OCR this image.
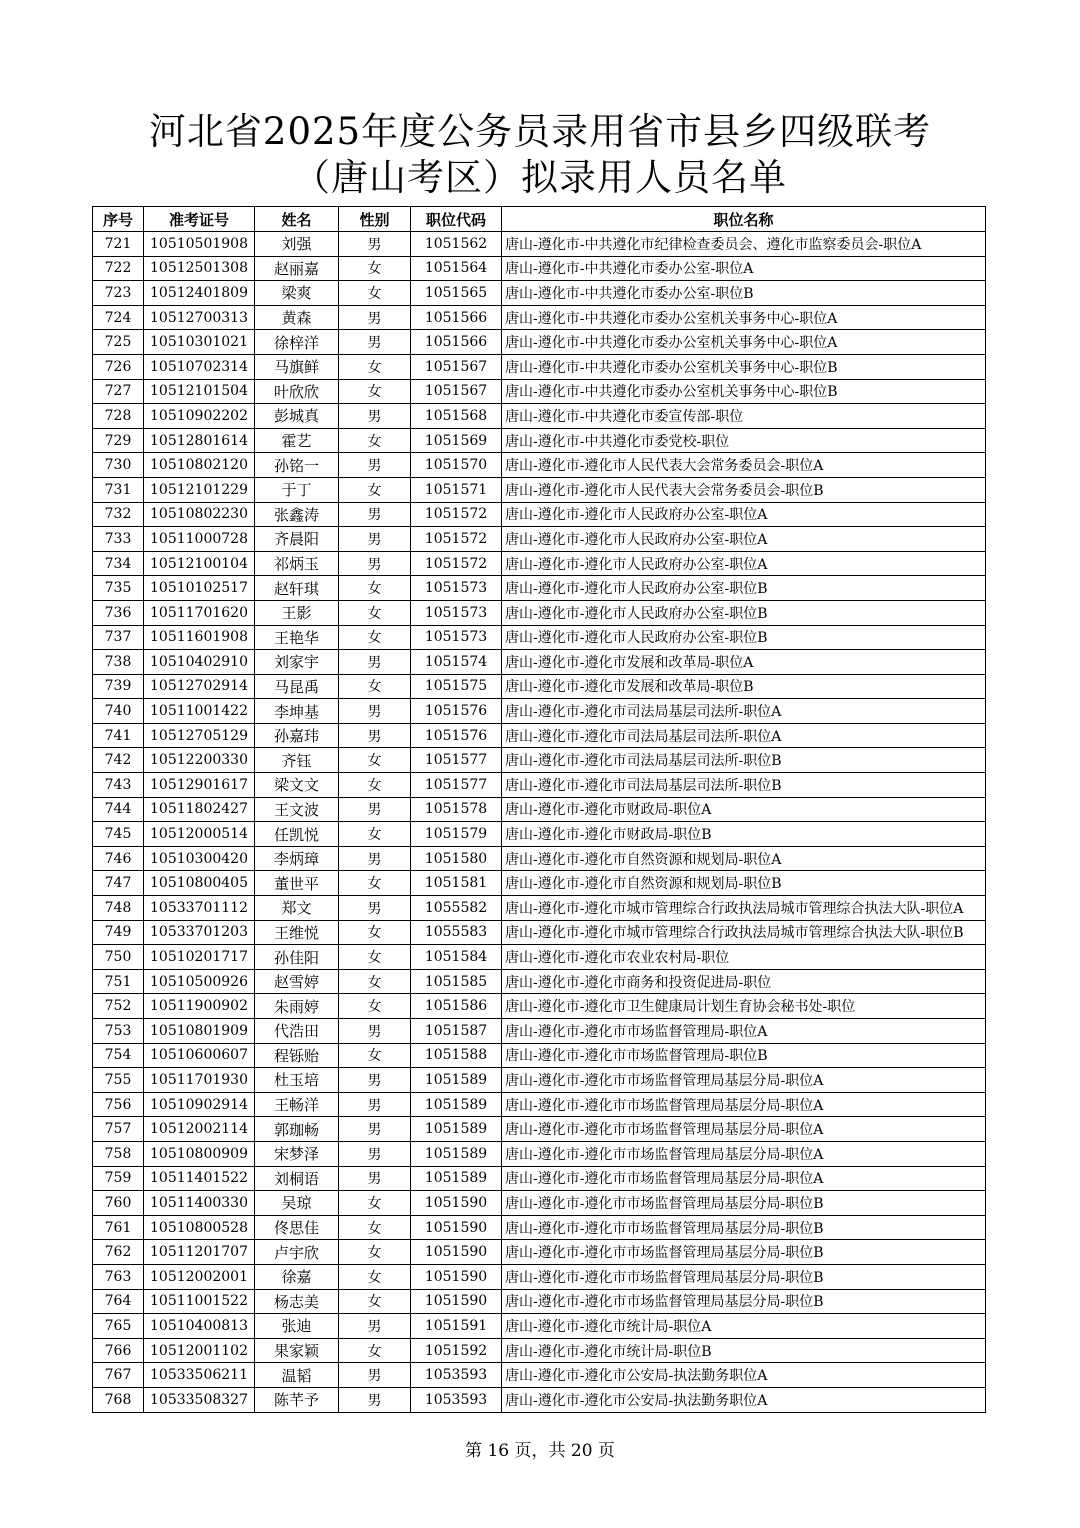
河北省2025年度公务员录用省市县乡四级联考
（唐山考区）拟录用人员名单
序号	准考证号	姓名	性别	职位代码	职位名称
721	10510501908	刘强	男	1051562	唐山-遵化市-中共遵化市纪律检查委员会、遵化市监察委员会-职位A
722	10512501308	赵丽嘉	女	1051564	唐山-遵化市-中共遵化市委办公室-职位A
723	10512401809	梁爽	女	1051565	唐山-遵化市-中共遵化市委办公室-职位B
724	10512700313	黄森	男	1051566	唐山-遵化市-中共遵化市委办公室机关事务中心-职位A
725	10510301021	徐梓洋	男	1051566	唐山-遵化市-中共遵化市委办公室机关事务中心-职位A
726	10510702314	马旗鲜	女	1051567	唐山-遵化市-中共遵化市委办公室机关事务中心-职位B
727	10512101504	叶欣欣	女	1051567	唐山-遵化市-中共遵化市委办公室机关事务中心-职位B
728	10510902202	彭城真	男	1051568	唐山-遵化市-中共遵化市委宣传部-职位
729	10512801614	霍艺	女	1051569	唐山-遵化市-中共遵化市委党校-职位
730	10510802120	孙铭一	男	1051570	唐山-遵化市-遵化市人民代表大会常务委员会-职位A
731	10512101229	于丁	女	1051571	唐山-遵化市-遵化市人民代表大会常务委员会-职位B
732	10510802230	张鑫涛	男	1051572	唐山-遵化市-遵化市人民政府办公室-职位A
733	10511000728	齐晨阳	男	1051572	唐山-遵化市-遵化市人民政府办公室-职位A
734	10512100104	祁炳玉	男	1051572	唐山-遵化市-遵化市人民政府办公室-职位A
735	10510102517	赵轩琪	女	1051573	唐山-遵化市-遵化市人民政府办公室-职位B
736	10511701620	王影	女	1051573	唐山-遵化市-遵化市人民政府办公室-职位B
737	10511601908	王艳华	女	1051573	唐山-遵化市-遵化市人民政府办公室-职位B
738	10510402910	刘家宇	男	1051574	唐山-遵化市-遵化市发展和改革局-职位A
739	10512702914	马昆禹	女	1051575	唐山-遵化市-遵化市发展和改革局-职位B
740	10511001422	李坤基	男	1051576	唐山-遵化市-遵化市司法局基层司法所-职位A
741	10512705129	孙嘉玮	男	1051576	唐山-遵化市-遵化市司法局基层司法所-职位A
742	10512200330	齐钰	女	1051577	唐山-遵化市-遵化市司法局基层司法所-职位B
743	10512901617	梁文文	女	1051577	唐山-遵化市-遵化市司法局基层司法所-职位B
744	10511802427	王文波	男	1051578	唐山-遵化市-遵化市财政局-职位A
745	10512000514	任凯悦	女	1051579	唐山-遵化市-遵化市财政局-职位B
746	10510300420	李炳璋	男	1051580	唐山-遵化市-遵化市自然资源和规划局-职位A
747	10510800405	董世平	女	1051581	唐山-遵化市-遵化市自然资源和规划局-职位B
748	10533701112	郑文	男	1055582	唐山-遵化市-遵化市城市管理综合行政执法局城市管理综合执法大队-职位A
749	10533701203	王维悦	女	1055583	唐山-遵化市-遵化市城市管理综合行政执法局城市管理综合执法大队-职位B
750	10510201717	孙佳阳	女	1051584	唐山-遵化市-遵化市农业农村局-职位
751	10510500926	赵雪婷	女	1051585	唐山-遵化市-遵化市商务和投资促进局-职位
752	10511900902	朱雨婷	女	1051586	唐山-遵化市-遵化市卫生健康局计划生育协会秘书处-职位
753	10510801909	代浩田	男	1051587	唐山-遵化市-遵化市市场监督管理局-职位A
754	10510600607	程铄贻	女	1051588	唐山-遵化市-遵化市市场监督管理局-职位B
755	10511701930	杜玉培	男	1051589	唐山-遵化市-遵化市市场监督管理局基层分局-职位A
756	10510902914	王畅洋	男	1051589	唐山-遵化市-遵化市市场监督管理局基层分局-职位A
757	10512002114	郭珈畅	男	1051589	唐山-遵化市-遵化市市场监督管理局基层分局-职位A
758	10510800909	宋梦泽	男	1051589	唐山-遵化市-遵化市市场监督管理局基层分局-职位A
759	10511401522	刘桐语	男	1051589	唐山-遵化市-遵化市市场监督管理局基层分局-职位A
760	10511400330	吴琼	女	1051590	唐山-遵化市-遵化市市场监督管理局基层分局-职位B
761	10510800528	佟思佳	女	1051590	唐山-遵化市-遵化市市场监督管理局基层分局-职位B
762	10511201707	卢宇欣	女	1051590	唐山-遵化市-遵化市市场监督管理局基层分局-职位B
763	10512002001	徐嘉	女	1051590	唐山-遵化市-遵化市市场监督管理局基层分局-职位B
764	10511001522	杨志美	女	1051590	唐山-遵化市-遵化市市场监督管理局基层分局-职位B
765	10510400813	张迪	男	1051591	唐山-遵化市-遵化市统计局-职位A
766	10512001102	果家颖	女	1051592	唐山-遵化市-遵化市统计局-职位B
767	10533506211	温韬	男	1053593	唐山-遵化市-遵化市公安局-执法勤务职位A
768	10533508327	陈芊予	男	1053593	唐山-遵化市-遵化市公安局-执法勤务职位A
第 16 页，共 20 页
